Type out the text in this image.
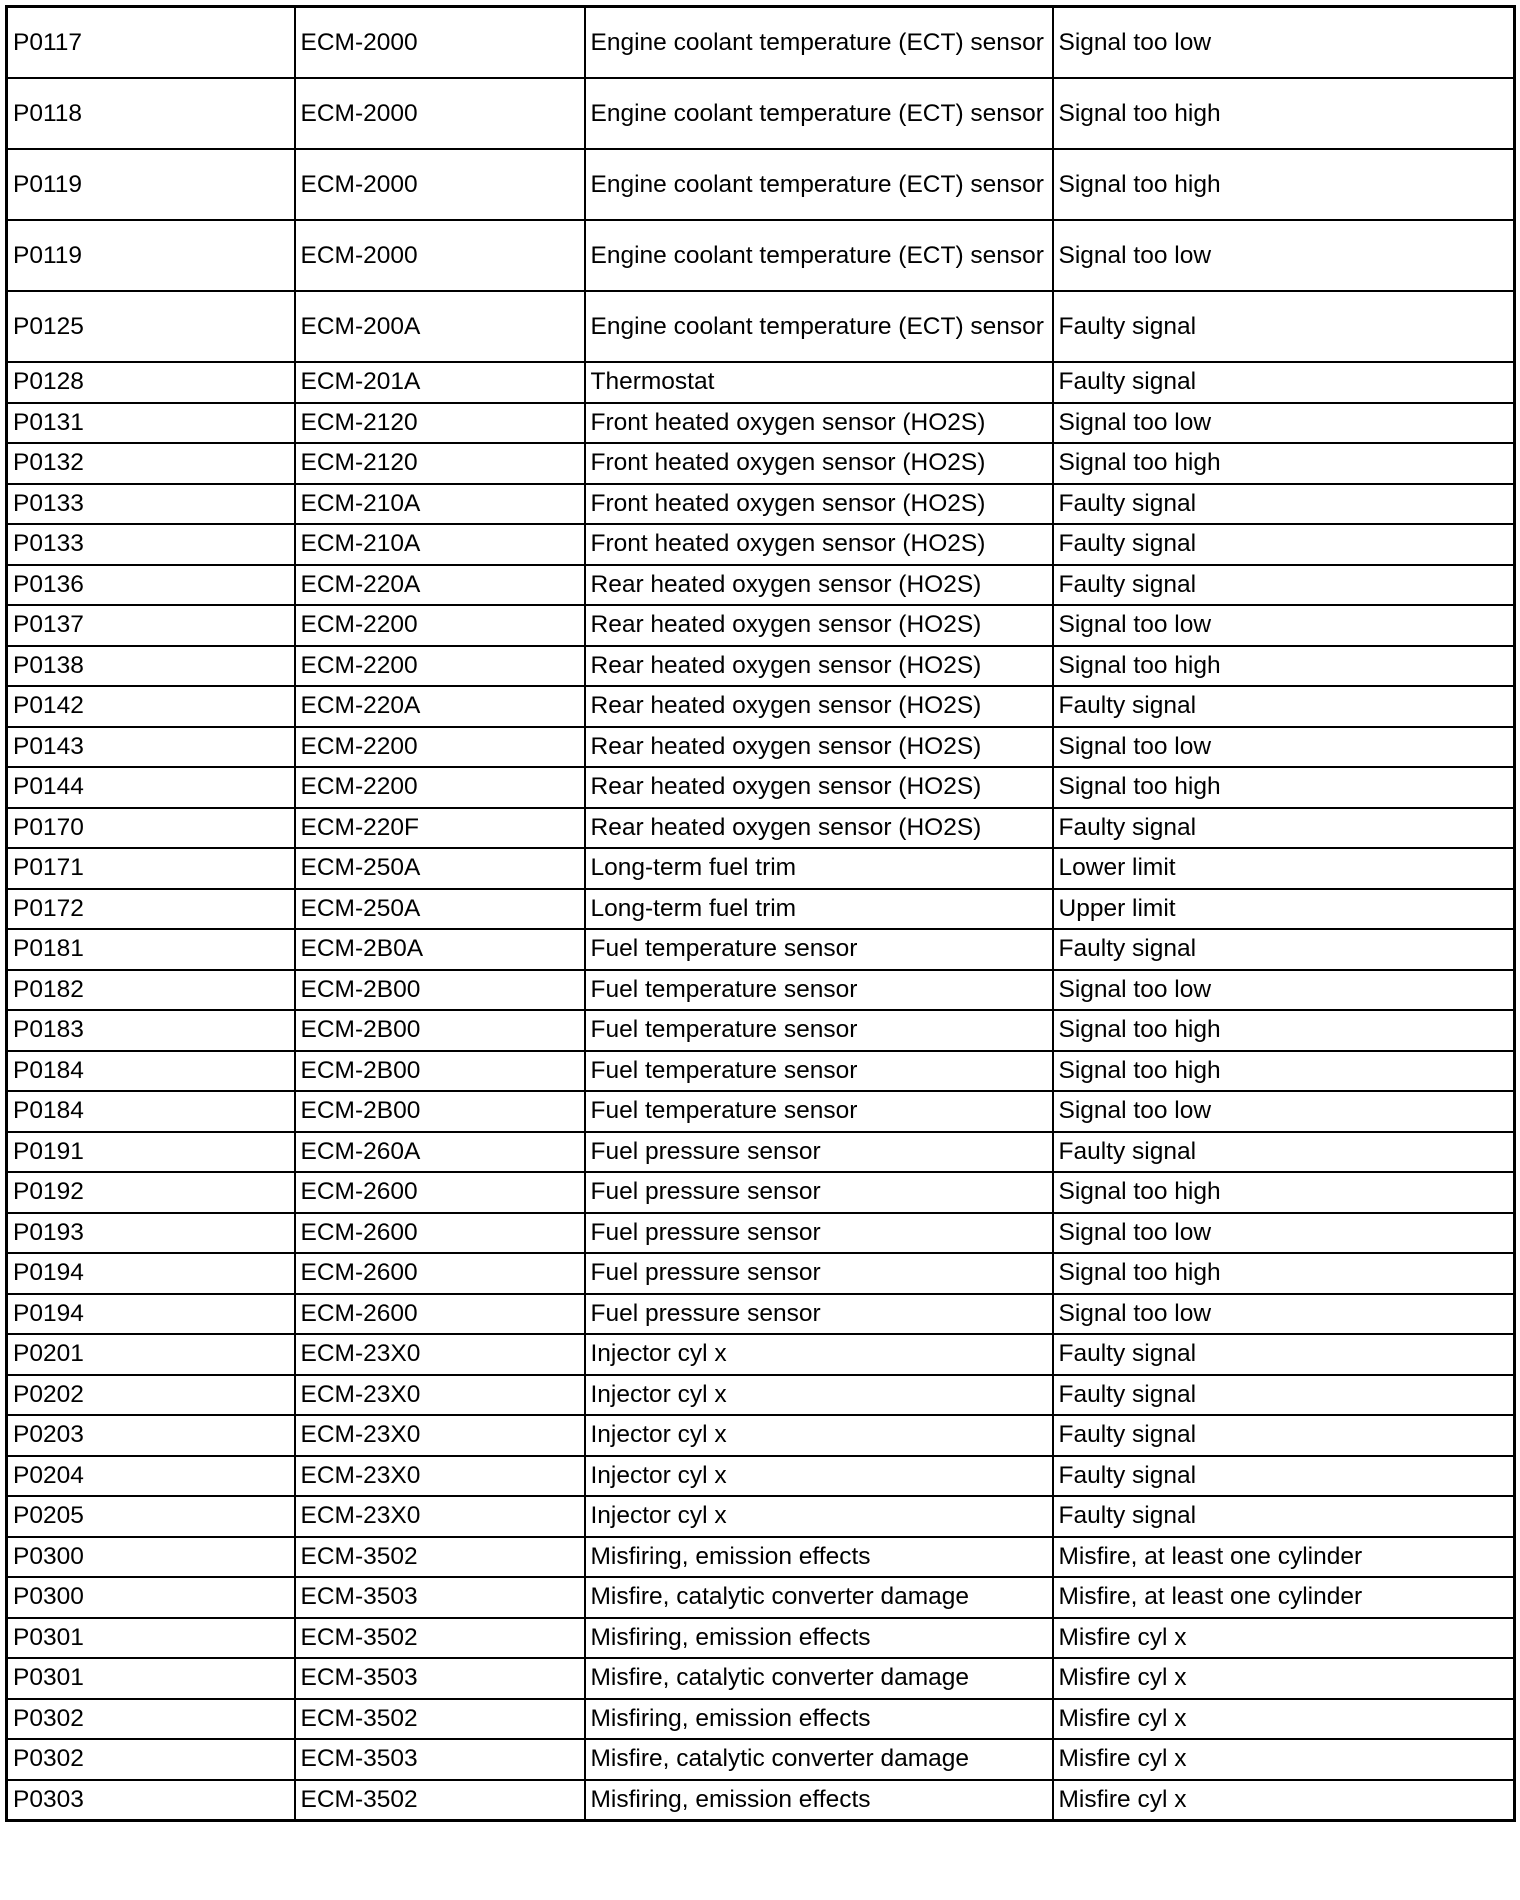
P0117	ECM-2000	Engine coolant temperature (ECT) sensor	Signal too low
P0118	ECM-2000	Engine coolant temperature (ECT) sensor	Signal too high
P0119	ECM-2000	Engine coolant temperature (ECT) sensor	Signal too high
P0119	ECM-2000	Engine coolant temperature (ECT) sensor	Signal too low
P0125	ECM-200A	Engine coolant temperature (ECT) sensor	Faulty signal
P0128	ECM-201A	Thermostat	Faulty signal
P0131	ECM-2120	Front heated oxygen sensor (HO2S)	Signal too low
P0132	ECM-2120	Front heated oxygen sensor (HO2S)	Signal too high
P0133	ECM-210A	Front heated oxygen sensor (HO2S)	Faulty signal
P0133	ECM-210A	Front heated oxygen sensor (HO2S)	Faulty signal
P0136	ECM-220A	Rear heated oxygen sensor (HO2S)	Faulty signal
P0137	ECM-2200	Rear heated oxygen sensor (HO2S)	Signal too low
P0138	ECM-2200	Rear heated oxygen sensor (HO2S)	Signal too high
P0142	ECM-220A	Rear heated oxygen sensor (HO2S)	Faulty signal
P0143	ECM-2200	Rear heated oxygen sensor (HO2S)	Signal too low
P0144	ECM-2200	Rear heated oxygen sensor (HO2S)	Signal too high
P0170	ECM-220F	Rear heated oxygen sensor (HO2S)	Faulty signal
P0171	ECM-250A	Long-term fuel trim	Lower limit
P0172	ECM-250A	Long-term fuel trim	Upper limit
P0181	ECM-2B0A	Fuel temperature sensor	Faulty signal
P0182	ECM-2B00	Fuel temperature sensor	Signal too low
P0183	ECM-2B00	Fuel temperature sensor	Signal too high
P0184	ECM-2B00	Fuel temperature sensor	Signal too high
P0184	ECM-2B00	Fuel temperature sensor	Signal too low
P0191	ECM-260A	Fuel pressure sensor	Faulty signal
P0192	ECM-2600	Fuel pressure sensor	Signal too high
P0193	ECM-2600	Fuel pressure sensor	Signal too low
P0194	ECM-2600	Fuel pressure sensor	Signal too high
P0194	ECM-2600	Fuel pressure sensor	Signal too low
P0201	ECM-23X0	Injector cyl x	Faulty signal
P0202	ECM-23X0	Injector cyl x	Faulty signal
P0203	ECM-23X0	Injector cyl x	Faulty signal
P0204	ECM-23X0	Injector cyl x	Faulty signal
P0205	ECM-23X0	Injector cyl x	Faulty signal
P0300	ECM-3502	Misfiring, emission effects	Misfire, at least one cylinder
P0300	ECM-3503	Misfire, catalytic converter damage	Misfire, at least one cylinder
P0301	ECM-3502	Misfiring, emission effects	Misfire cyl x
P0301	ECM-3503	Misfire, catalytic converter damage	Misfire cyl x
P0302	ECM-3502	Misfiring, emission effects	Misfire cyl x
P0302	ECM-3503	Misfire, catalytic converter damage	Misfire cyl x
P0303	ECM-3502	Misfiring, emission effects	Misfire cyl x
